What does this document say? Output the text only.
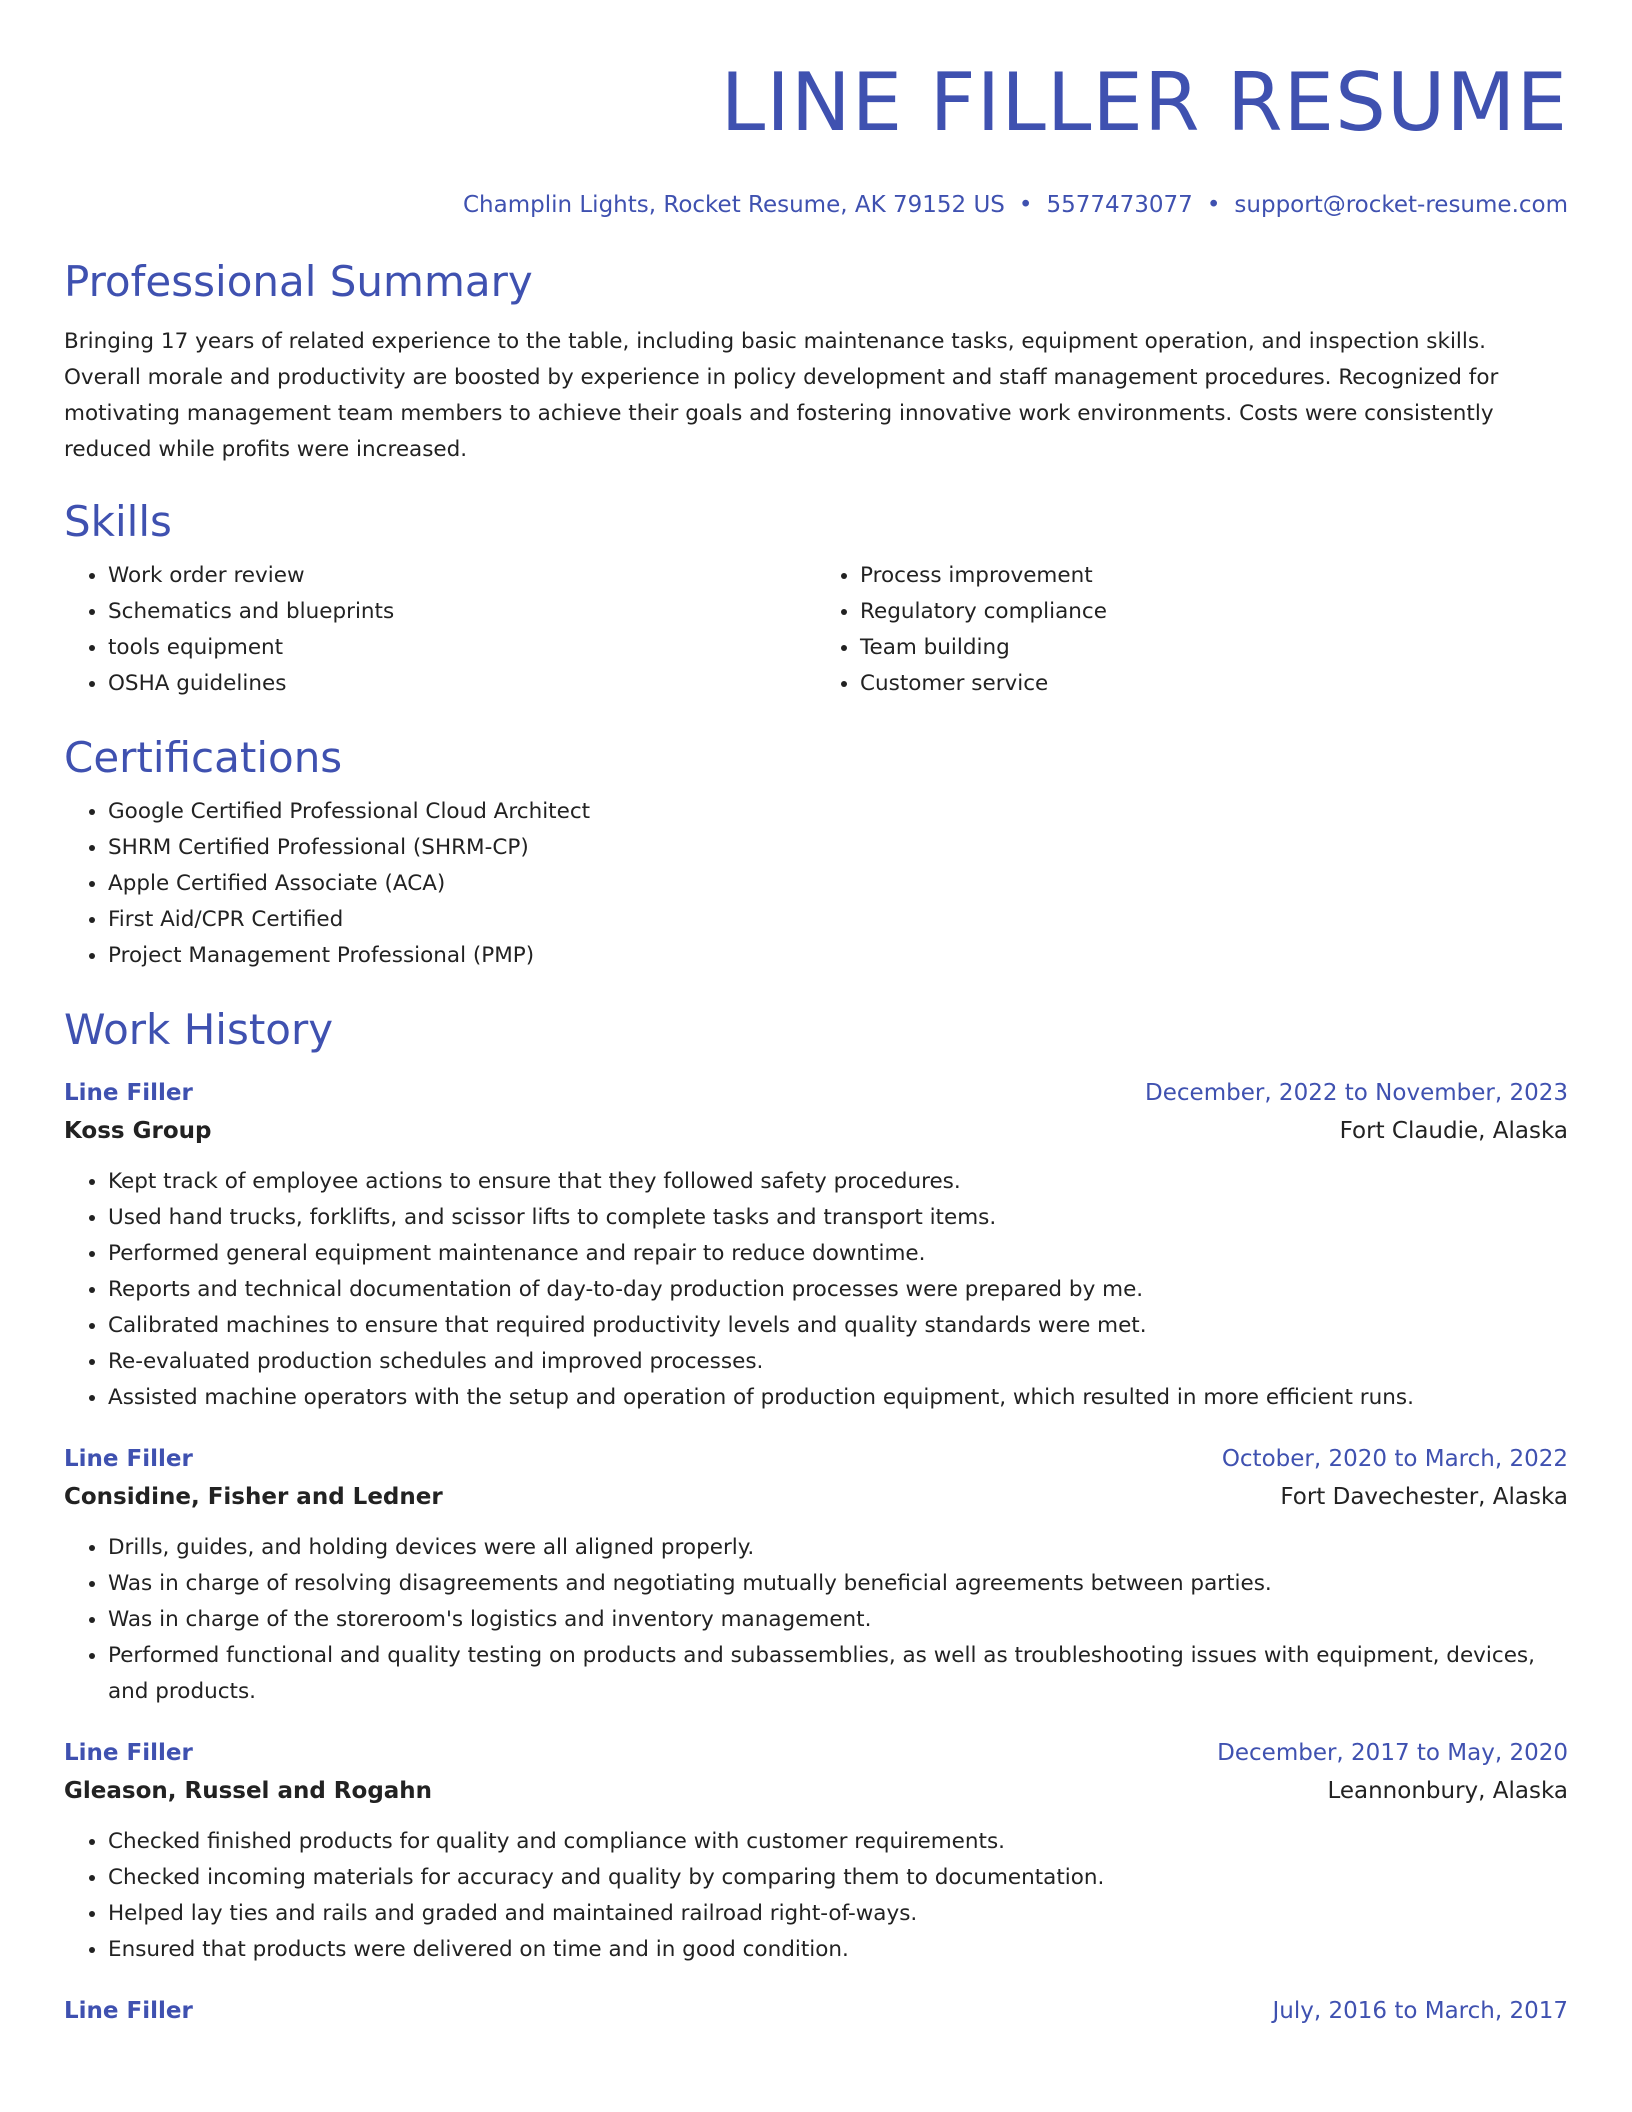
LINE FILLER RESUME
Champlin Lights, Rocket Resume, AK 79152 US • 5577473077 • support@rocket-resume.com
Professional Summary

Bringing 17 years of related experience to the table, including basic maintenance tasks, equipment operation, and inspection skills. Overall morale and productivity are boosted by experience in policy development and staff management procedures. Recognized for motivating management team members to achieve their goals and fostering innovative work environments. Costs were consistently reduced while profits were increased.

Skills
• Work order review
• Schematics and blueprints
• tools equipment
• OSHA guidelines
• Process improvement
• Regulatory compliance
• Team building
• Customer service
Certifications
• Google Certified Professional Cloud Architect
• SHRM Certified Professional (SHRM-CP)
• Apple Certified Associate (ACA)
• First Aid/CPR Certified
• Project Management Professional (PMP)
Work History
Line Filler	December, 2022 to November, 2023
Koss Group	Fort Claudie, Alaska
• Kept track of employee actions to ensure that they followed safety procedures.
• Used hand trucks, forklifts, and scissor lifts to complete tasks and transport items.
• Performed general equipment maintenance and repair to reduce downtime.
• Reports and technical documentation of day-to-day production processes were prepared by me.
• Calibrated machines to ensure that required productivity levels and quality standards were met.
• Re-evaluated production schedules and improved processes.
• Assisted machine operators with the setup and operation of production equipment, which resulted in more efficient runs.
Line Filler	October, 2020 to March, 2022
Considine, Fisher and Ledner	Fort Davechester, Alaska
• Drills, guides, and holding devices were all aligned properly.
• Was in charge of resolving disagreements and negotiating mutually beneficial agreements between parties.
• Was in charge of the storeroom's logistics and inventory management.
• Performed functional and quality testing on products and subassemblies, as well as troubleshooting issues with equipment, devices, and products.
Line Filler	December, 2017 to May, 2020
Gleason, Russel and Rogahn	Leannonbury, Alaska
• Checked finished products for quality and compliance with customer requirements.
• Checked incoming materials for accuracy and quality by comparing them to documentation.
• Helped lay ties and rails and graded and maintained railroad right-of-ways.
• Ensured that products were delivered on time and in good condition.
Line Filler	July, 2016 to March, 2017
